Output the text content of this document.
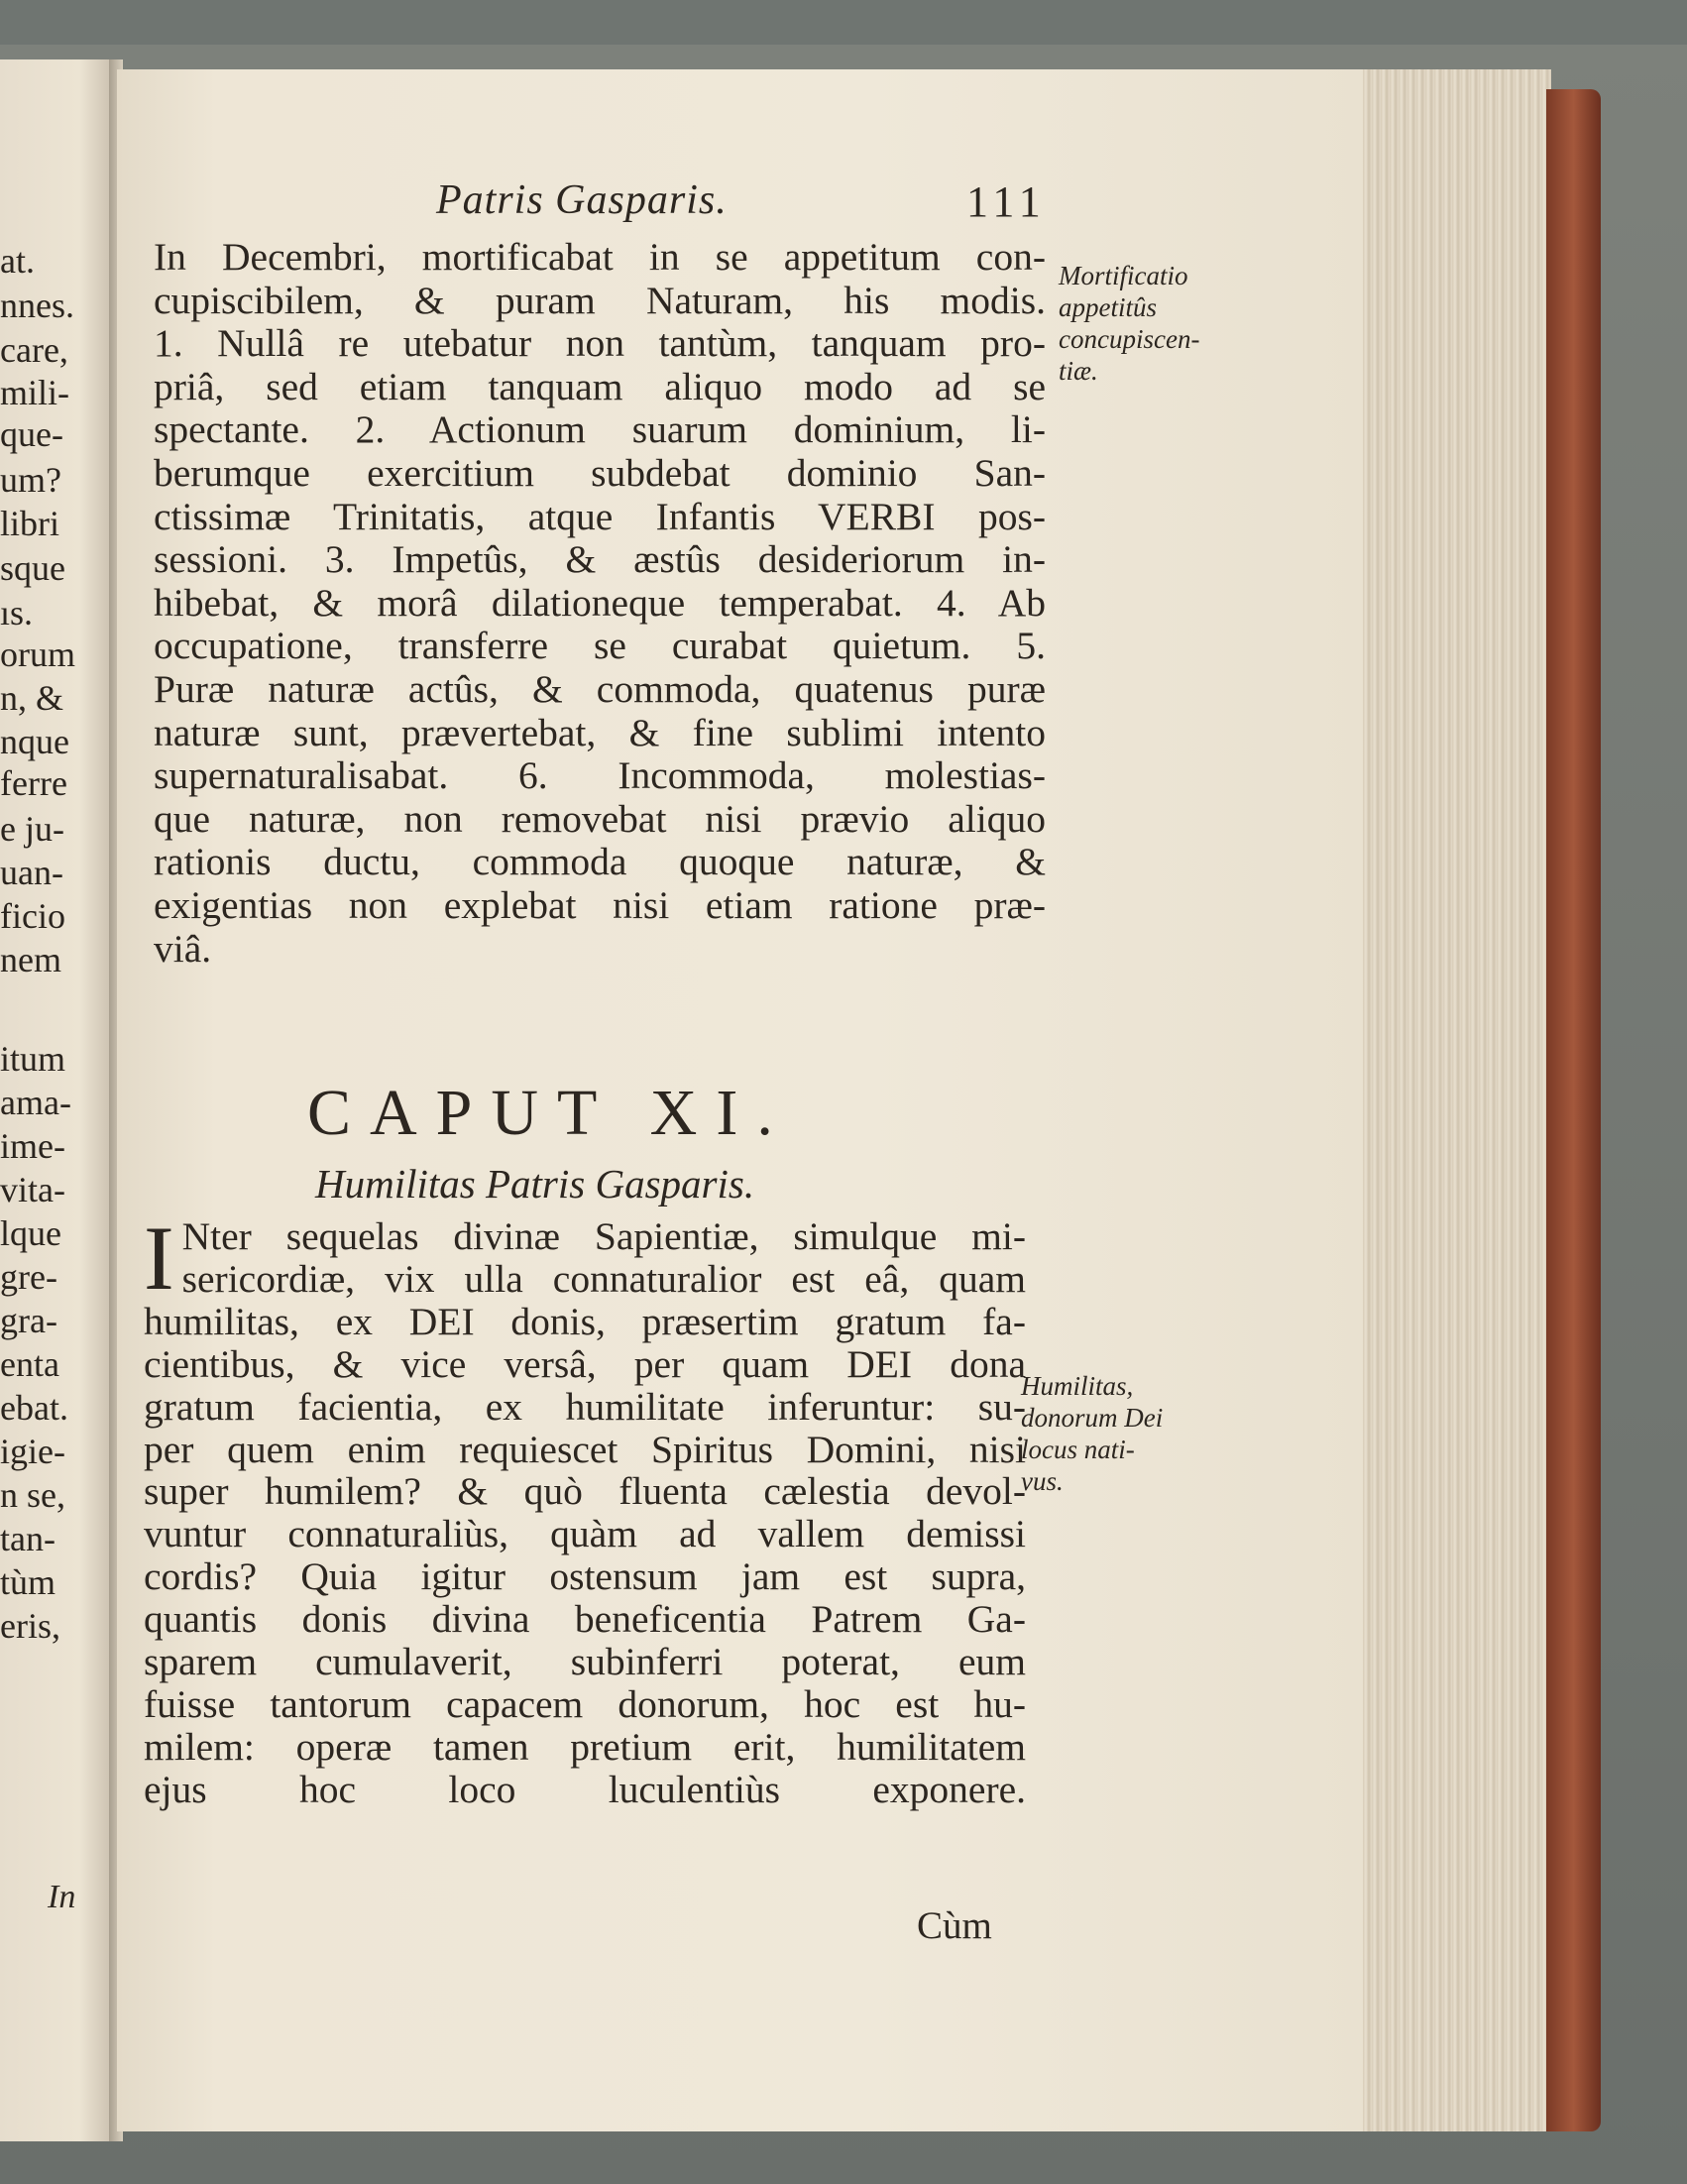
at.
nnes.
care,
mili-
que-
um?
libri
sque
ıs.
orum
n, &
nque
ferre
e ju-
uan-
ficio
nem
itum
ama-
ime-
vita-
lque
gre-
gra-
enta
ebat.
igie-
n se,
tan-
tùm
eris,
In
Patris Gasparis.	111
In Decembri, mortificabat in se appetitum con-
cupiscibilem, & puram Naturam, his modis.
1. Nullâ re utebatur non tantùm, tanquam pro-
priâ, sed etiam tanquam aliquo modo ad se
spectante. 2. Actionum suarum dominium, li-
berumque exercitium subdebat dominio San-
ctissimæ Trinitatis, atque Infantis VERBI pos-
sessioni. 3. Impetûs, & æstûs desideriorum in-
hibebat, & morâ dilationeque temperabat. 4. Ab
occupatione, transferre se curabat quietum. 5.
Puræ naturæ actûs, & commoda, quatenus puræ
naturæ sunt, prævertebat, & fine sublimi intento
supernaturalisabat. 6. Incommoda, molestias-
que naturæ, non removebat nisi prævio aliquo
rationis ductu, commoda quoque naturæ, &
exigentias non explebat nisi etiam ratione præ-
viâ.
Mortificatio
appetitûs
concupiscen-
tiæ.
CAPUT XI.
Humilitas Patris Gasparis.
I Nter sequelas divinæ Sapientiæ, simulque mi-
sericordiæ, vix ulla connaturalior est eâ, quam
humilitas, ex DEI donis, præsertim gratum fa-
cientibus, & vice versâ, per quam DEI dona
gratum facientia, ex humilitate inferuntur: su-
per quem enim requiescet Spiritus Domini, nisi
super humilem? & quò fluenta cælestia devol-
vuntur connaturaliùs, quàm ad vallem demissi
cordis? Quia igitur ostensum jam est supra,
quantis donis divina beneficentia Patrem Ga-
sparem cumulaverit, subinferri poterat, eum
fuisse tantorum capacem donorum, hoc est hu-
milem: operæ tamen pretium erit, humilitatem
ejus hoc loco luculentiùs exponere.
Humilitas,
donorum Dei
locus nati-
vus.
Cùm
